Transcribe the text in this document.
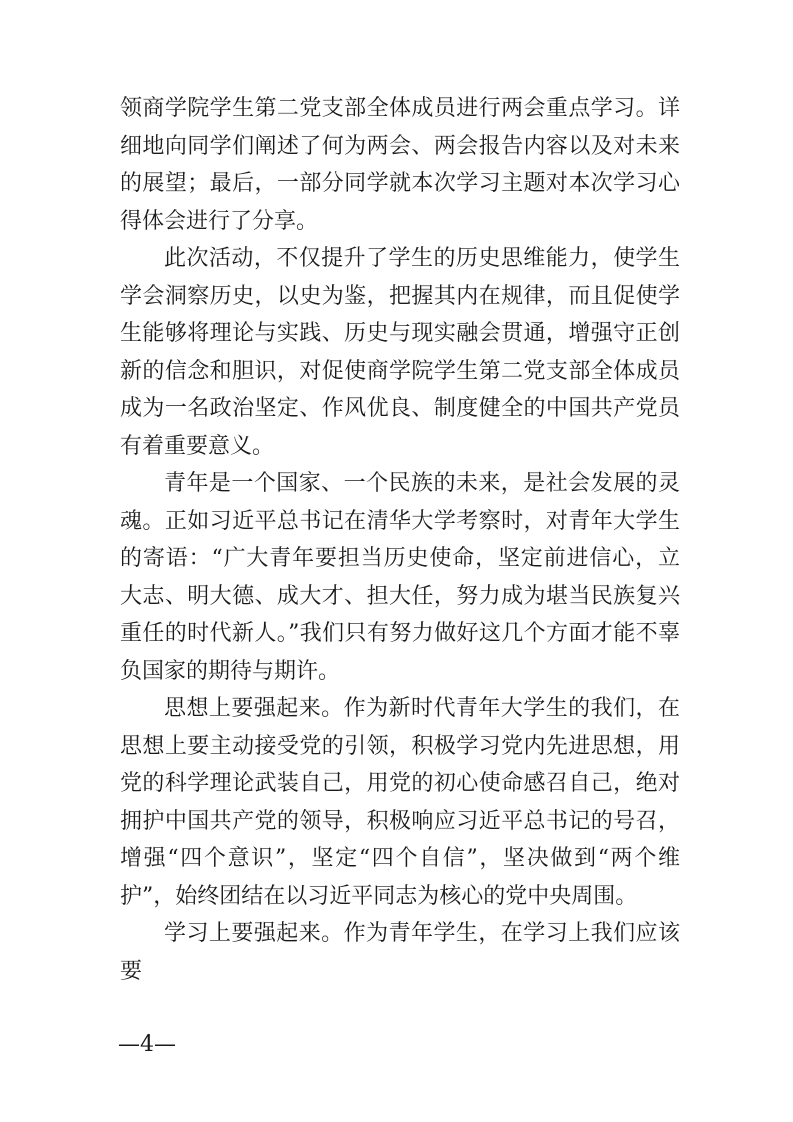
领商学院学生第二党支部全体成员进行两会重点学习。详细地向同学们阐述了何为两会、两会报告内容以及对未来的展望；最后，一部分同学就本次学习主题对本次学习心得体会进行了分享。

此次活动，不仅提升了学生的历史思维能力，使学生学会洞察历史，以史为鉴，把握其内在规律，而且促使学生能够将理论与实践、历史与现实融会贯通，增强守正创新的信念和胆识，对促使商学院学生第二党支部全体成员成为一名政治坚定、作风优良、制度健全的中国共产党员有着重要意义。

青年是一个国家、一个民族的未来，是社会发展的灵魂。正如习近平总书记在清华大学考察时，对青年大学生的寄语：“广大青年要担当历史使命，坚定前进信心，立大志、明大德、成大才、担大任，努力成为堪当民族复兴重任的时代新人。”我们只有努力做好这几个方面才能不辜负国家的期待与期许。

思想上要强起来。作为新时代青年大学生的我们，在思想上要主动接受党的引领，积极学习党内先进思想，用党的科学理论武装自己，用党的初心使命感召自己，绝对拥护中国共产党的领导，积极响应习近平总书记的号召，增强“四个意识”，坚定“四个自信”，坚决做到“两个维护”，始终团结在以习近平同志为核心的党中央周围。

学习上要强起来。作为青年学生，在学习上我们应该要

—4—
